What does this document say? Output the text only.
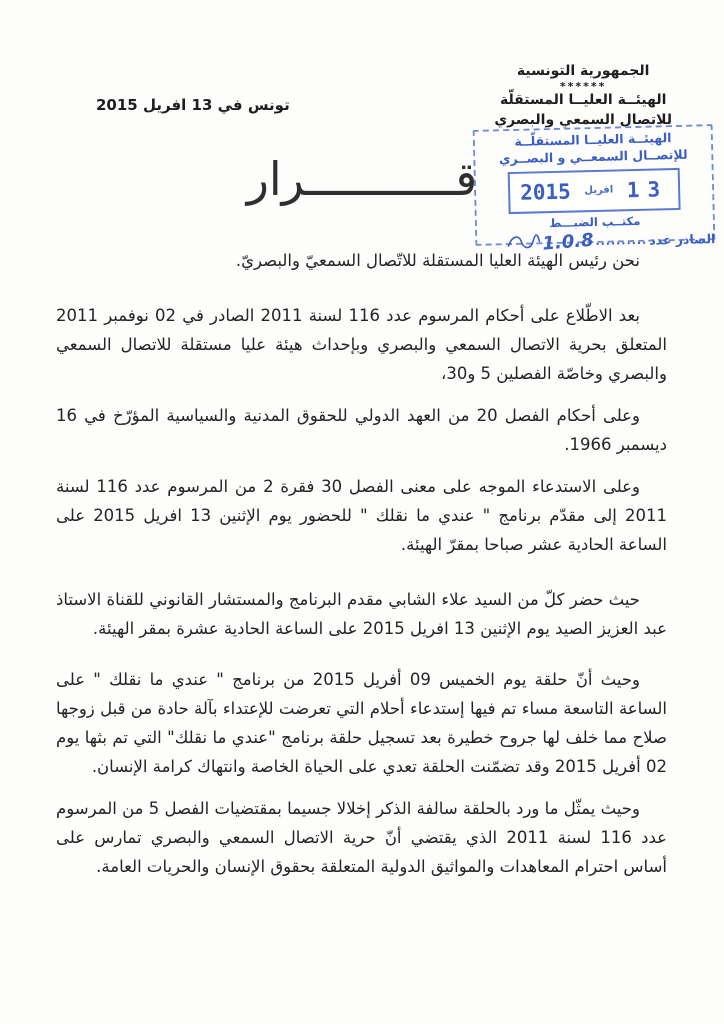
الجمهورية التونسية
******
الهيئــة العليــا المستقلّة
للاتصال السمعي والبصري
تونس في 13 افريل 2015
الهيئــة العليــا المستقلّــة
للإتصــال السمعــي و البصــري
13
افريل
2015
مكتــب الضبـــط
الصادر عدد
..........
1.0.8
قـــــــــــرار

نحن رئيس الهيئة العليا المستقلة للاتّصال السمعيّ والبصريّ.

بعد الاطّلاع على أحكام المرسوم عدد 116 لسنة 2011 الصادر في 02 نوفمبر 2011 المتعلق بحرية الاتصال السمعي والبصري وبإحداث هيئة عليا مستقلة للاتصال السمعي والبصري وخاصّة الفصلين 5 و30،

وعلى أحكام الفصل 20 من العهد الدولي للحقوق المدنية والسياسية المؤرّخ في 16 ديسمبر 1966.

وعلى الاستدعاء الموجه على معنى الفصل 30 فقرة 2 من المرسوم عدد 116 لسنة 2011 إلى مقدّم برنامج " عندي ما نقلك " للحضور يوم الإثنين 13 افريل 2015 على الساعة الحادية عشر صباحا بمقرّ الهيئة.

حيث حضر كلّ من السيد علاء الشابي مقدم البرنامج والمستشار القانوني للقناة الاستاذ عبد العزيز الصيد يوم الإثنين 13 افريل 2015 على الساعة الحادية عشرة بمقر الهيئة.

وحيث أنّ حلقة يوم الخميس 09 أفريل 2015 من برنامج " عندي ما نقلك " على الساعة التاسعة مساء تم فيها إستدعاء أحلام التي تعرضت للإعتداء بآلة حادة من قبل زوجها صلاح مما خلف لها جروح خطيرة بعد تسجيل حلقة برنامج "عندي ما نقلك" التي تم بثها يوم 02 أفريل 2015 وقد تضمّنت الحلقة تعدي على الحياة الخاصة وانتهاك كرامة الإنسان.

وحيث يمثّل ما ورد بالحلقة سالفة الذكر إخلالا جسيما بمقتضيات الفصل 5 من المرسوم عدد 116 لسنة 2011 الذي يقتضي أنّ حرية الاتصال السمعي والبصري تمارس على أساس احترام المعاهدات والمواثيق الدولية المتعلقة بحقوق الإنسان والحريات العامة.
